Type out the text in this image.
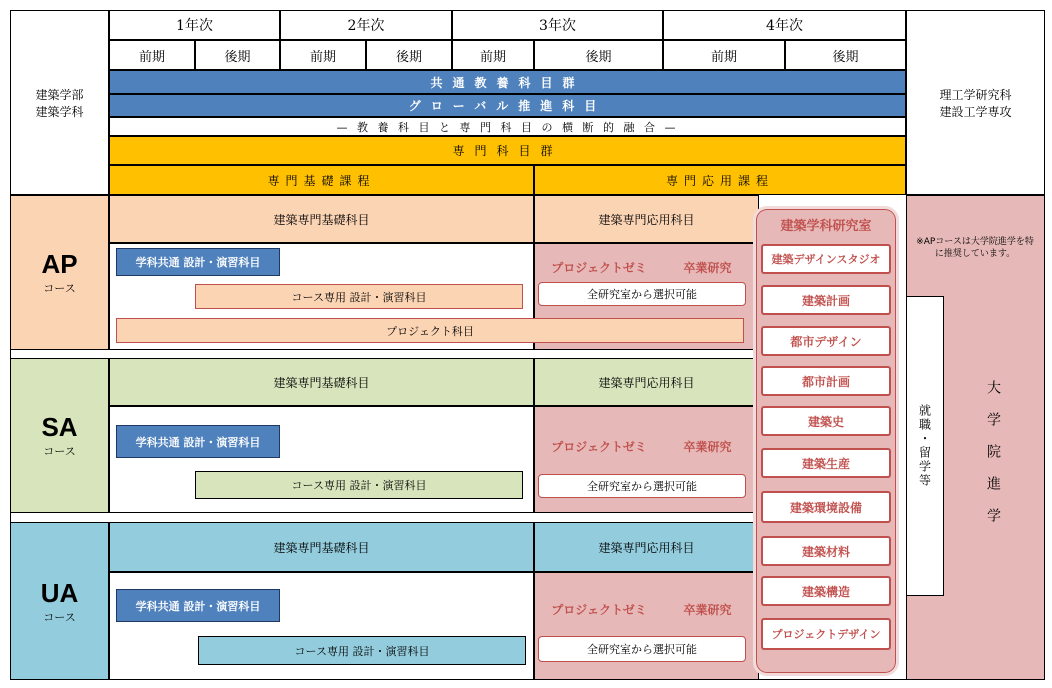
建築学部
建築学科
理工学研究科
建設工学専攻
1年次	2年次	3年次	4年次
前期	後期	前期	後期	前期	後期	前期	後期
共通教養科目群
グローバル推進科目
— 教 養 科 目 と 専 門 科 目 の 横 断 的 融 合 —
専門科目群
専門基礎課程	専門応用課程
AP
コース
建築専門基礎科目	建築専門応用科目
学科共通 設計・演習科目
コース専用 設計・演習科目
プロジェクトゼミ	卒業研究
全研究室から選択可能
プロジェクト科目
SA
コース
建築専門基礎科目	建築専門応用科目
学科共通 設計・演習科目
コース専用 設計・演習科目
プロジェクトゼミ	卒業研究
全研究室から選択可能
UA
コース
建築専門基礎科目	建築専門応用科目
学科共通 設計・演習科目
コース専用 設計・演習科目
プロジェクトゼミ	卒業研究
全研究室から選択可能
※APコースは大学院進学を特に推奨しています。
就職・留学等	大学院進学
建築学科研究室
建築デザインスタジオ
建築計画
都市デザイン
都市計画
建築史
建築生産
建築環境設備
建築材料
建築構造
プロジェクトデザイン
